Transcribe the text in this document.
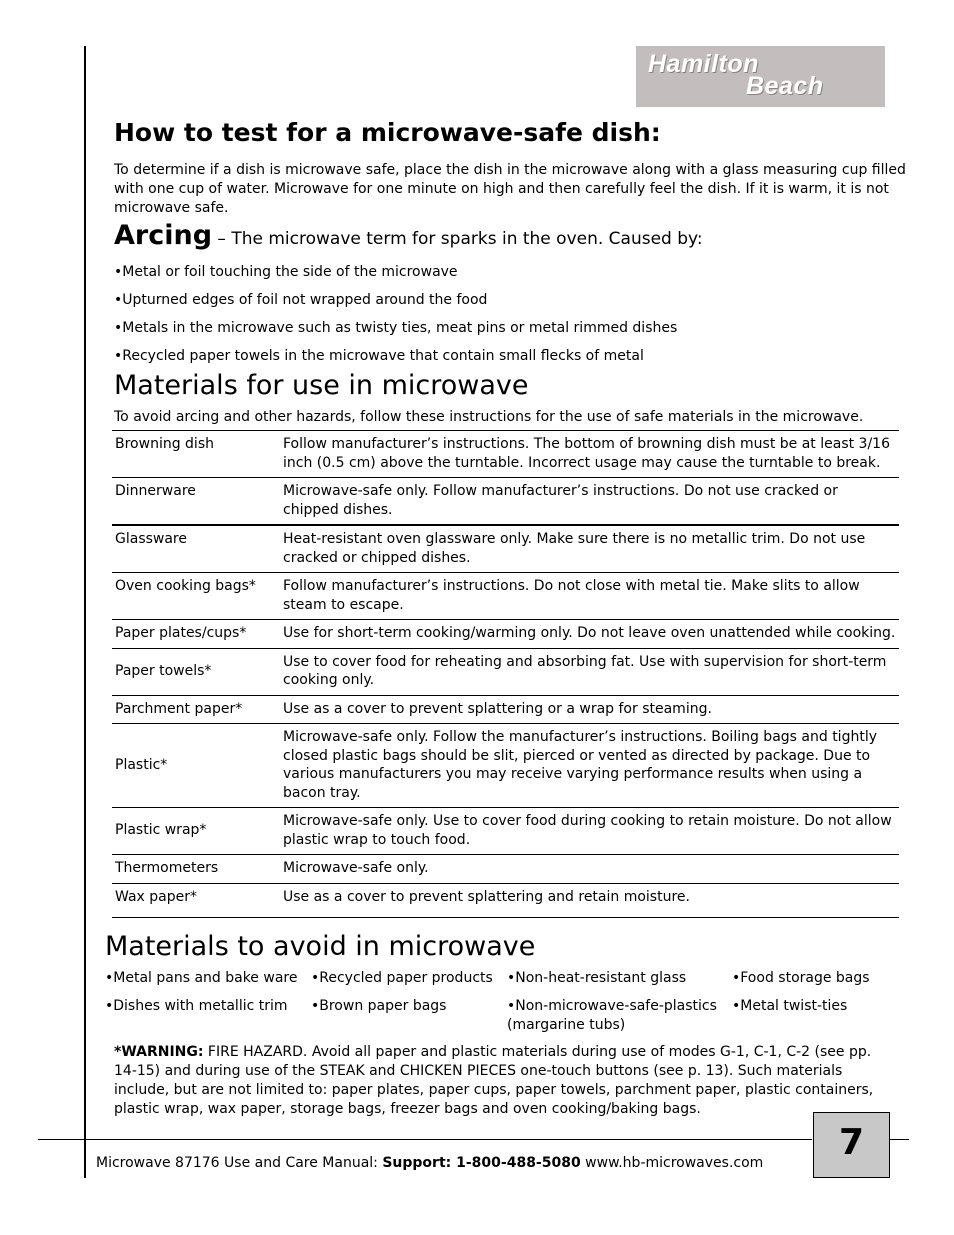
Hamilton
Beach
How to test for a microwave-safe dish:

To determine if a dish is microwave safe, place the dish in the microwave along with a glass measuring cup filled

with one cup of water. Microwave for one minute on high and then carefully feel the dish. If it is warm, it is not

microwave safe.

Arcing – The microwave term for sparks in the oven. Caused by:

•Metal or foil touching the side of the microwave

•Upturned edges of foil not wrapped around the food

•Metals in the microwave such as twisty ties, meat pins or metal rimmed dishes

•Recycled paper towels in the microwave that contain small flecks of metal

Materials for use in microwave

To avoid arcing and other hazards, follow these instructions for the use of safe materials in the microwave.

Browning dish	Follow manufacturer’s instructions. The bottom of browning dish must be at least 3/16 inch (0.5 cm) above the turntable. Incorrect usage may cause the turntable to break.
Dinnerware	Microwave-safe only. Follow manufacturer’s instructions. Do not use cracked or chipped dishes.
Glassware	Heat-resistant oven glassware only. Make sure there is no metallic trim. Do not use cracked or chipped dishes.
Oven cooking bags*	Follow manufacturer’s instructions. Do not close with metal tie. Make slits to allow steam to escape.
Paper plates/cups*	Use for short-term cooking/warming only. Do not leave oven unattended while cooking.
Paper towels*	Use to cover food for reheating and absorbing fat. Use with supervision for short-term cooking only.
Parchment paper*	Use as a cover to prevent splattering or a wrap for steaming.
Plastic*	Microwave-safe only. Follow the manufacturer’s instructions. Boiling bags and tightly closed plastic bags should be slit, pierced or vented as directed by package. Due to various manufacturers you may receive varying performance results when using a bacon tray.
Plastic wrap*	Microwave-safe only. Use to cover food during cooking to retain moisture. Do not allow plastic wrap to touch food.
Thermometers	Microwave-safe only.
Wax paper*	Use as a cover to prevent splattering and retain moisture.
Materials to avoid in microwave

•Metal pans and bake ware •Recycled paper products •Non-heat-resistant glass	•Food storage bags

•Dishes with metallic trim •Brown paper bags	•Non-microwave-safe-plastics

(margarine tubs)

•Metal twist-ties

*WARNING: FIRE HAZARD. Avoid all paper and plastic materials during use of modes G-1, C-1, C-2 (see pp. 14-15) and during use of the STEAK and CHICKEN PIECES one-touch buttons (see p. 13). Such materials include, but are not limited to: paper plates, paper cups, paper towels, parchment paper, plastic containers, plastic wrap, wax paper, storage bags, freezer bags and oven cooking/baking bags.

7

Microwave 87176 Use and Care Manual: Support: 1-800-488-5080 www.hb-microwaves.com
